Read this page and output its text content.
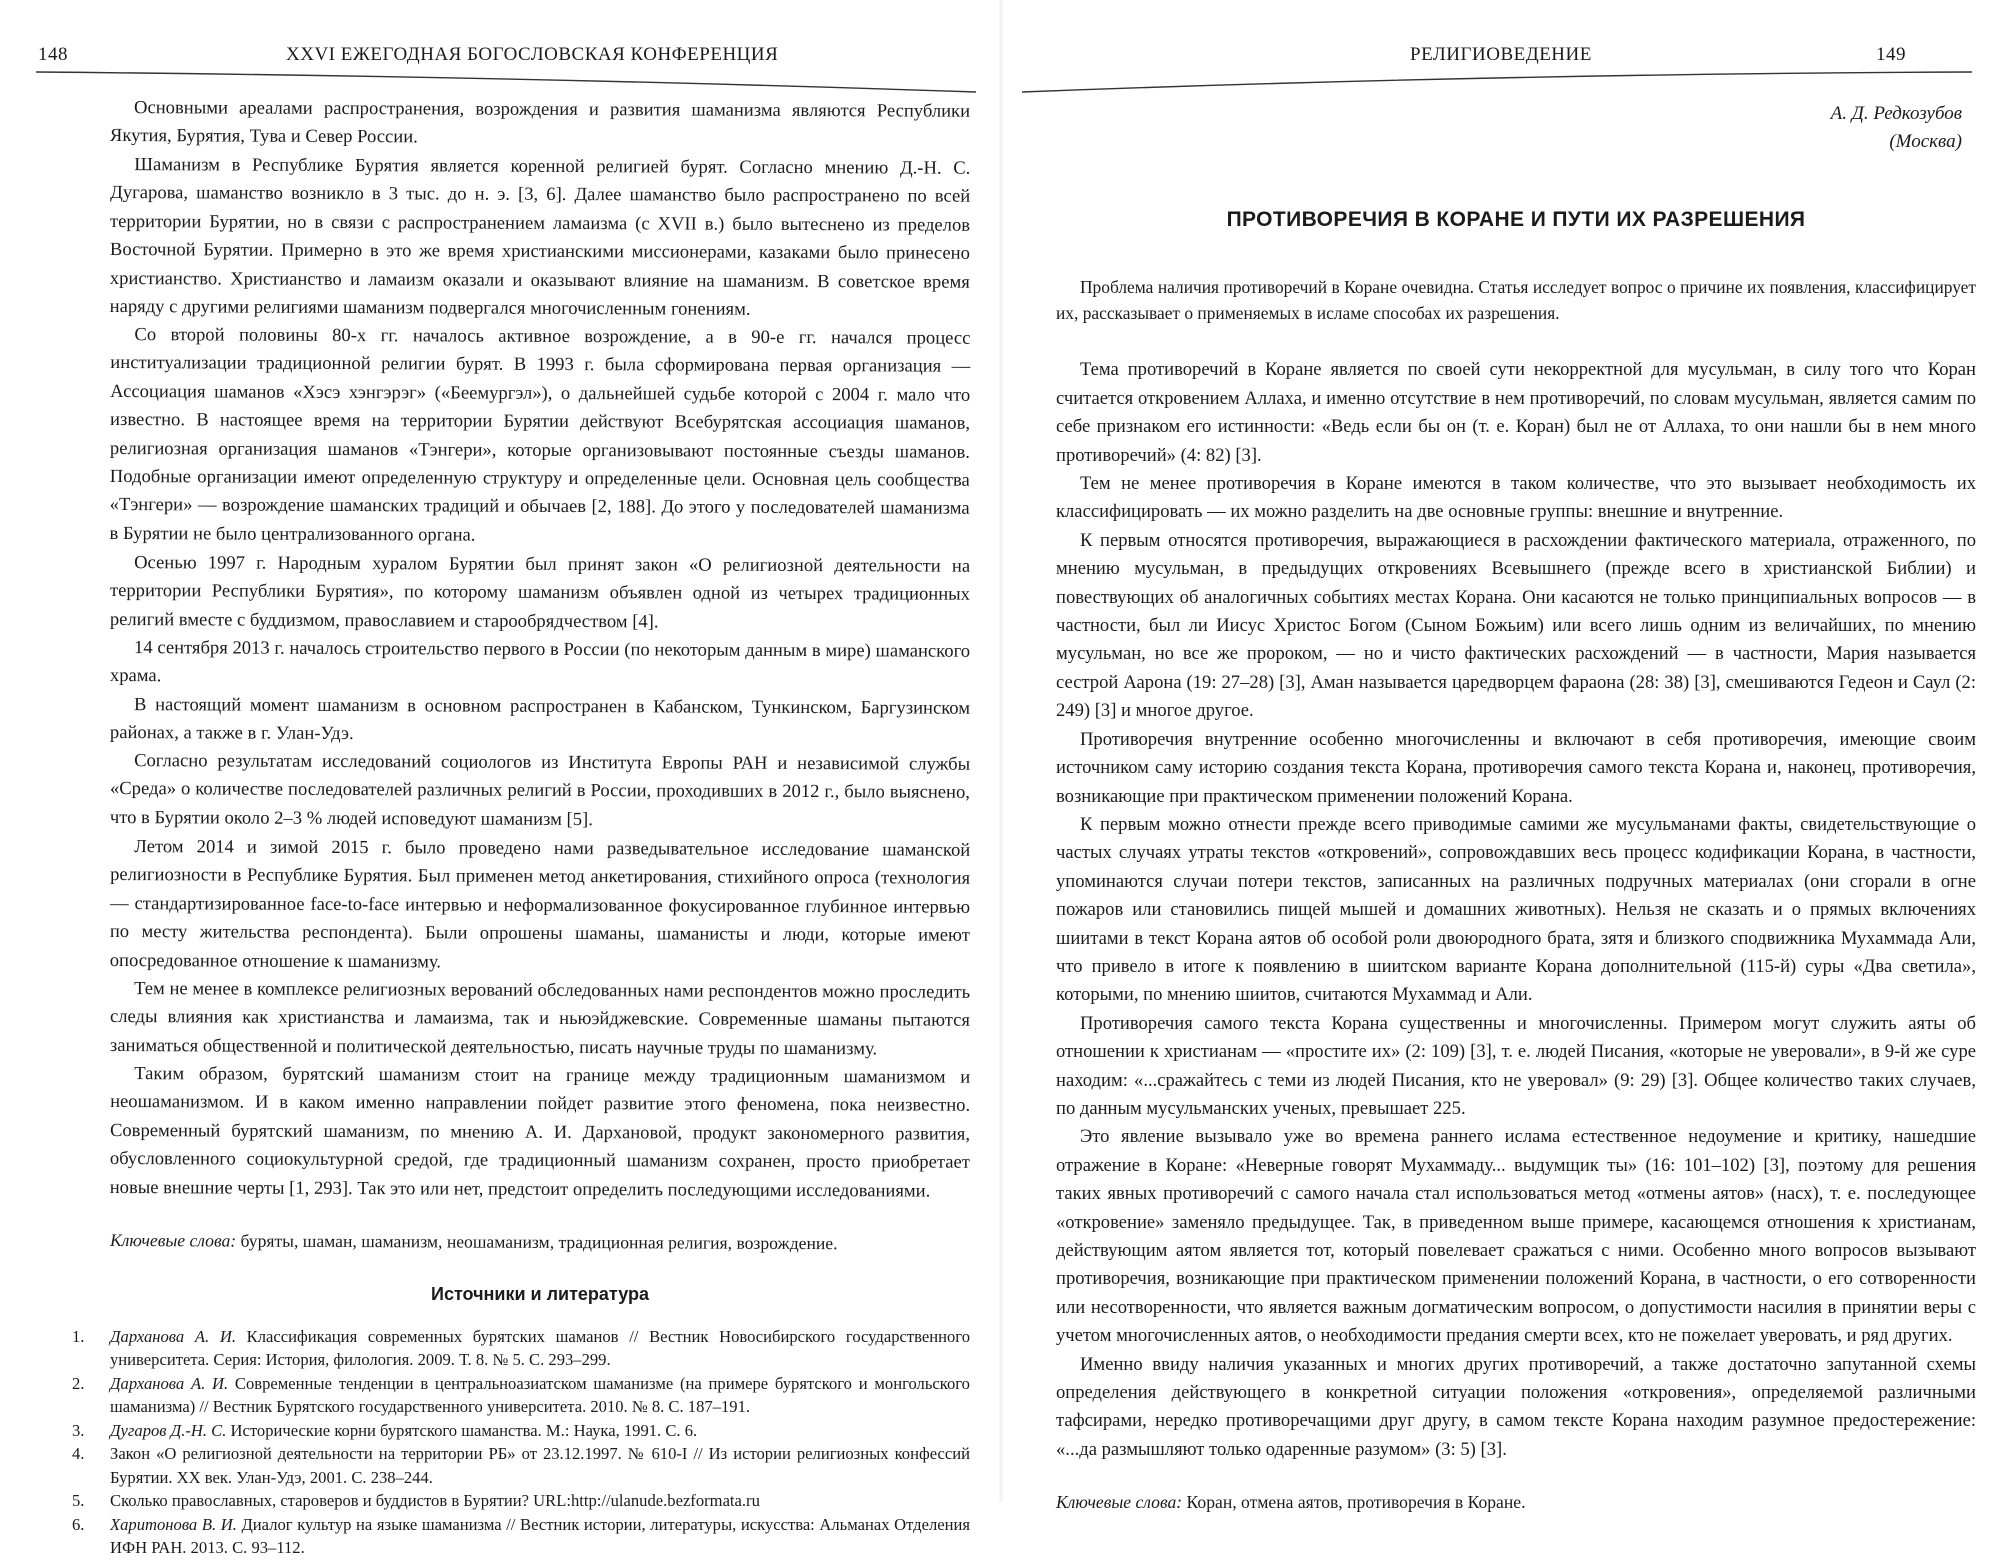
148	XXVI ЕЖЕГОДНАЯ БОГОСЛОВСКАЯ КОНФЕРЕНЦИЯ

Основными ареалами распространения, возрождения и развития шаманизма являются Республики Якутия, Бурятия, Тува и Север России.

Шаманизм в Республике Бурятия является коренной религией бурят. Согласно мнению Д.-Н. С. Дугарова, шаманство возникло в 3 тыс. до н. э. [3, 6]. Далее шаманство было распространено по всей территории Бурятии, но в связи с распространением ламаизма (с XVII в.) было вытеснено из пределов Восточной Бурятии. Примерно в это же время христианскими миссионерами, казаками было принесено христианство. Христианство и ламаизм оказали и оказывают влияние на шаманизм. В советское время наряду с другими религиями шаманизм подвергался многочисленным гонениям.

Со второй половины 80-х гг. началось активное возрождение, а в 90-е гг. начался процесс институализации традиционной религии бурят. В 1993 г. была сформирована первая организация — Ассоциация шаманов «Хэсэ хэнгэрэг» («Беемургэл»), о дальнейшей судьбе которой с 2004 г. мало что известно. В настоящее время на территории Бурятии действуют Всебурятская ассоциация шаманов, религиозная организация шаманов «Тэнгери», которые организовывают постоянные съезды шаманов. Подобные организации имеют определенную структуру и определенные цели. Основная цель сообщества «Тэнгери» — возрождение шаманских традиций и обычаев [2, 188]. До этого у последователей шаманизма в Бурятии не было централизованного органа.

Осенью 1997 г. Народным хуралом Бурятии был принят закон «О религиозной деятельности на территории Республики Бурятия», по которому шаманизм объявлен одной из четырех традиционных религий вместе с буддизмом, православием и старообрядчеством [4].

14 сентября 2013 г. началось строительство первого в России (по некоторым данным в мире) шаманского храма.

В настоящий момент шаманизм в основном распространен в Кабанском, Тункинском, Баргузинском районах, а также в г. Улан-Удэ.

Согласно результатам исследований социологов из Института Европы РАН и независимой службы «Среда» о количестве последователей различных религий в России, проходивших в 2012 г., было выяснено, что в Бурятии около 2–3 % людей исповедуют шаманизм [5].

Летом 2014 и зимой 2015 г. было проведено нами разведывательное исследование шаманской религиозности в Республике Бурятия. Был применен метод анкетирования, стихийного опроса (технология — стандартизированное face-to-face интервью и неформализованное фокусированное глубинное интервью по месту жительства респондента). Были опрошены шаманы, шаманисты и люди, которые имеют опосредованное отношение к шаманизму.

Тем не менее в комплексе религиозных верований обследованных нами респондентов можно проследить следы влияния как христианства и ламаизма, так и ньюэйджевские. Современные шаманы пытаются заниматься общественной и политической деятельностью, писать научные труды по шаманизму.

Таким образом, бурятский шаманизм стоит на границе между традиционным шаманизмом и неошаманизмом. И в каком именно направлении пойдет развитие этого феномена, пока неизвестно. Современный бурятский шаманизм, по мнению А. И. Дархановой, продукт закономерного развития, обусловленного социокультурной средой, где традиционный шаманизм сохранен, просто приобретает новые внешние черты [1, 293]. Так это или нет, предстоит определить последующими исследованиями.

Ключевые слова: буряты, шаман, шаманизм, неошаманизм, традиционная религия, возрождение.

Источники и литература
1. Дарханова А. И. Классификация современных бурятских шаманов // Вестник Новосибирского государственного университета. Серия: История, филология. 2009. Т. 8. № 5. С. 293–299.
2. Дарханова А. И. Современные тенденции в центральноазиатском шаманизме (на примере бурятского и монгольского шаманизма) // Вестник Бурятского государственного университета. 2010. № 8. С. 187–191.
3. Дугаров Д.-Н. С. Исторические корни бурятского шаманства. М.: Наука, 1991. С. 6.
4. Закон «О религиозной деятельности на территории РБ» от 23.12.1997. № 610-I // Из истории религиозных конфессий Бурятии. XX век. Улан-Удэ, 2001. С. 238–244.
5. Сколько православных, староверов и буддистов в Бурятии? URL:http://ulanude.bezformata.ru
6. Харитонова В. И. Диалог культур на языке шаманизма // Вестник истории, литературы, искусства: Альманах Отделения ИФН РАН. 2013. С. 93–112.
РЕЛИГИОВЕДЕНИЕ	149
А. Д. Редкозубов
(Москва)
ПРОТИВОРЕЧИЯ В КОРАНЕ И ПУТИ ИХ РАЗРЕШЕНИЯ

Проблема наличия противоречий в Коране очевидна. Статья исследует вопрос о причине их появления, классифицирует их, рассказывает о применяемых в исламе способах их разрешения.

Тема противоречий в Коране является по своей сути некорректной для мусульман, в силу того что Коран считается откровением Аллаха, и именно отсутствие в нем противоречий, по словам мусульман, является самим по себе признаком его истинности: «Ведь если бы он (т. е. Коран) был не от Аллаха, то они нашли бы в нем много противоречий» (4: 82) [3].

Тем не менее противоречия в Коране имеются в таком количестве, что это вызывает необходимость их классифицировать — их можно разделить на две основные группы: внешние и внутренние.

К первым относятся противоречия, выражающиеся в расхождении фактического материала, отраженного, по мнению мусульман, в предыдущих откровениях Всевышнего (прежде всего в христианской Библии) и повествующих об аналогичных событиях местах Корана. Они касаются не только принципиальных вопросов — в частности, был ли Иисус Христос Богом (Сыном Божьим) или всего лишь одним из величайших, по мнению мусульман, но все же пророком, — но и чисто фактических расхождений — в частности, Мария называется сестрой Аарона (19: 27–28) [3], Аман называется царедворцем фараона (28: 38) [3], смешиваются Гедеон и Саул (2: 249) [3] и многое другое.

Противоречия внутренние особенно многочисленны и включают в себя противоречия, имеющие своим источником саму историю создания текста Корана, противоречия самого текста Корана и, наконец, противоречия, возникающие при практическом применении положений Корана.

К первым можно отнести прежде всего приводимые самими же мусульманами факты, свидетельствующие о частых случаях утраты текстов «откровений», сопровождавших весь процесс кодификации Корана, в частности, упоминаются случаи потери текстов, записанных на различных подручных материалах (они сгорали в огне пожаров или становились пищей мышей и домашних животных). Нельзя не сказать и о прямых включениях шиитами в текст Корана аятов об особой роли двоюродного брата, зятя и близкого сподвижника Мухаммада Али, что привело в итоге к появлению в шиитском варианте Корана дополнительной (115-й) суры «Два светила», которыми, по мнению шиитов, считаются Мухаммад и Али.

Противоречия самого текста Корана существенны и многочисленны. Примером могут служить аяты об отношении к христианам — «простите их» (2: 109) [3], т. е. людей Писания, «которые не уверовали», в 9-й же суре находим: «...сражайтесь с теми из людей Писания, кто не уверовал» (9: 29) [3]. Общее количество таких случаев, по данным мусульманских ученых, превышает 225.

Это явление вызывало уже во времена раннего ислама естественное недоумение и критику, нашедшие отражение в Коране: «Неверные говорят Мухаммаду... выдумщик ты» (16: 101–102) [3], поэтому для решения таких явных противоречий с самого начала стал использоваться метод «отмены аятов» (насх), т. е. последующее «откровение» заменяло предыдущее. Так, в приведенном выше примере, касающемся отношения к христианам, действующим аятом является тот, который повелевает сражаться с ними. Особенно много вопросов вызывают противоречия, возникающие при практическом применении положений Корана, в частности, о его сотворенности или несотворенности, что является важным догматическим вопросом, о допустимости насилия в принятии веры с учетом многочисленных аятов, о необходимости предания смерти всех, кто не пожелает уверовать, и ряд других.

Именно ввиду наличия указанных и многих других противоречий, а также достаточно запутанной схемы определения действующего в конкретной ситуации положения «откровения», определяемой различными тафсирами, нередко противоречащими друг другу, в самом тексте Корана находим разумное предостережение: «...да размышляют только одаренные разумом» (3: 5) [3].

Ключевые слова: Коран, отмена аятов, противоречия в Коране.
